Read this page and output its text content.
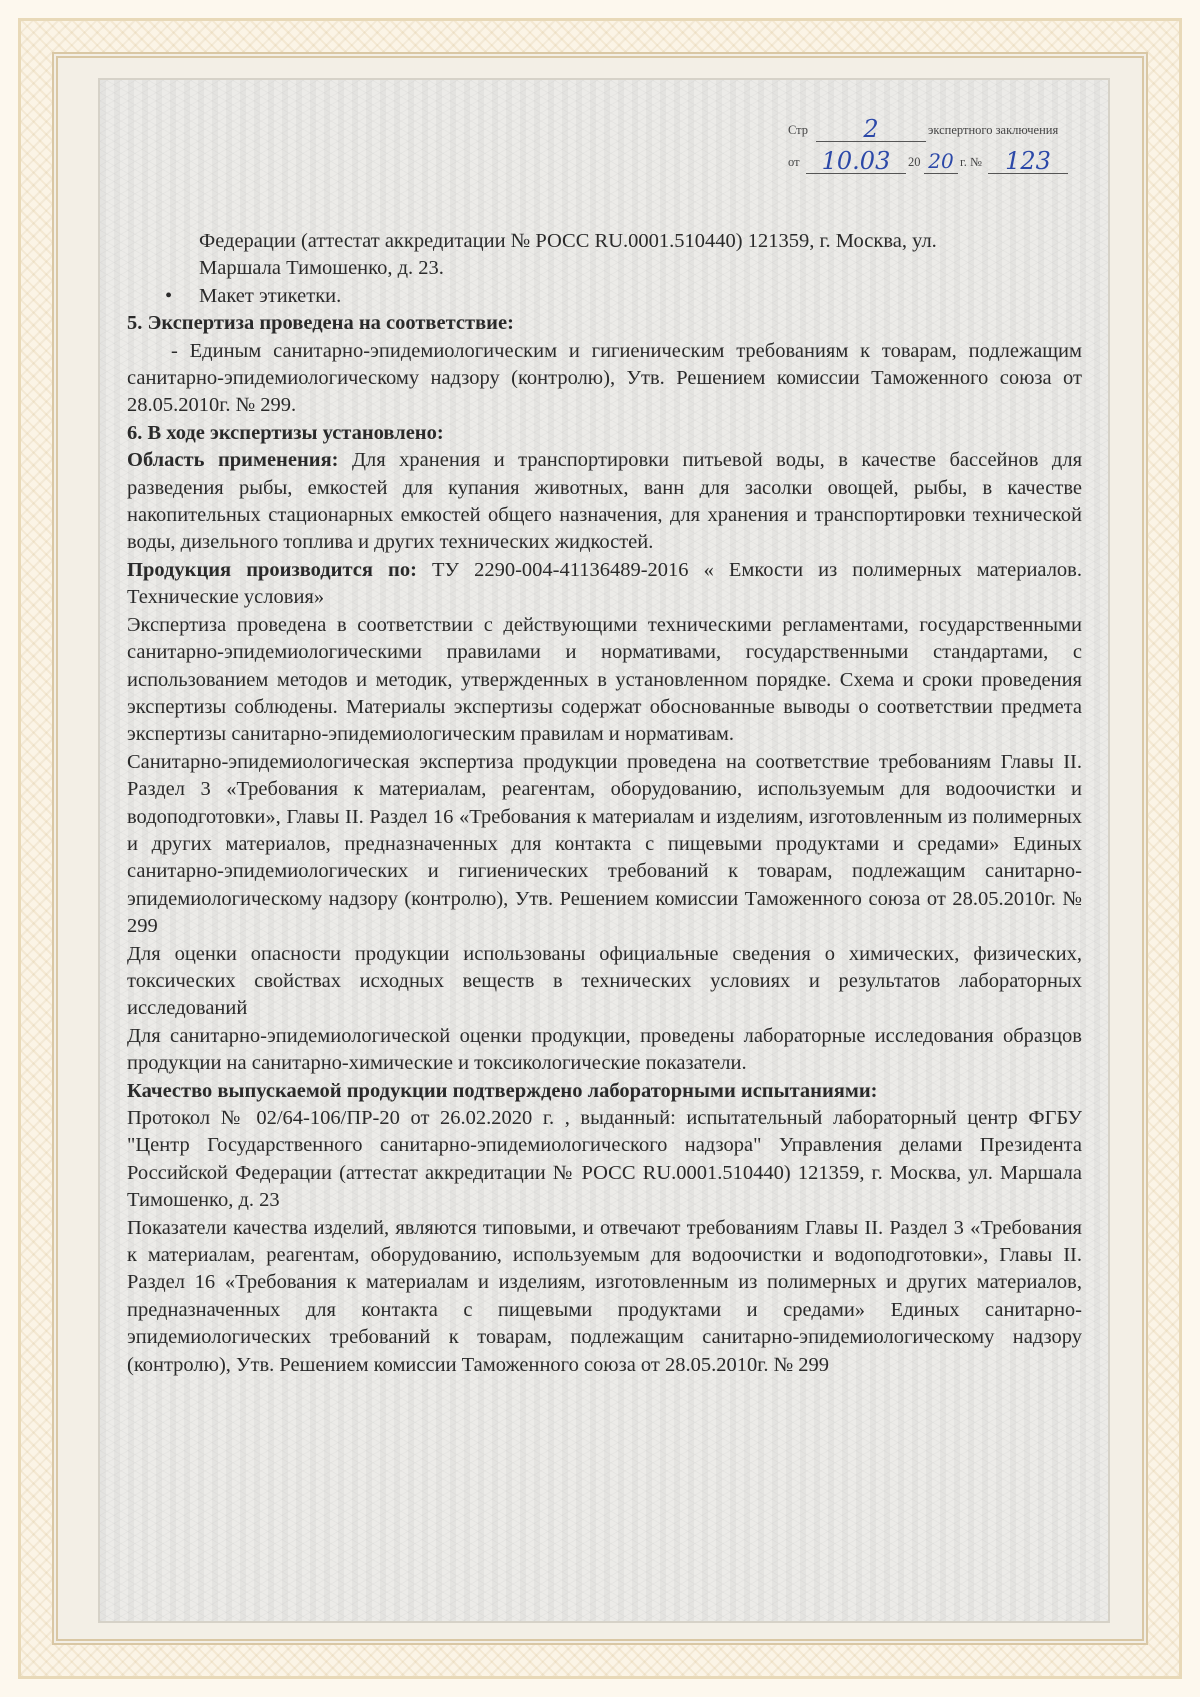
Стр	2	экспертного заключения
от 10.03	20 20 г. № 123
Федерации (аттестат аккредитации № РОСС RU.0001.510440) 121359, г. Москва, ул.
Маршала Тимошенко, д. 23.
• Макет этикетки.

5. Экспертиза проведена на соответствие:

- Единым санитарно-эпидемиологическим и гигиеническим требованиям к товарам, подлежащим санитарно-эпидемиологическому надзору (контролю), Утв. Решением комиссии Таможенного союза от 28.05.2010г. № 299.

6. В ходе экспертизы установлено:

Область применения: Для хранения и транспортировки питьевой воды, в качестве бассейнов для разведения рыбы, емкостей для купания животных, ванн для засолки овощей, рыбы, в качестве накопительных стационарных емкостей общего назначения, для хранения и транспортировки технической воды, дизельного топлива и других технических жидкостей.

Продукция производится по: ТУ 2290-004-41136489-2016 « Емкости из полимерных материалов. Технические условия»

Экспертиза проведена в соответствии с действующими техническими регламентами, государственными санитарно-эпидемиологическими правилами и нормативами, государственными стандартами, с использованием методов и методик, утвержденных в установленном порядке. Схема и сроки проведения экспертизы соблюдены. Материалы экспертизы содержат обоснованные выводы о соответствии предмета экспертизы санитарно-эпидемиологическим правилам и нормативам.

Санитарно-эпидемиологическая экспертиза продукции проведена на соответствие требованиям Главы II. Раздел 3 «Требования к материалам, реагентам, оборудованию, используемым для водоочистки и водоподготовки», Главы II. Раздел 16 «Требования к материалам и изделиям, изготовленным из полимерных и других материалов, предназначенных для контакта с пищевыми продуктами и средами» Единых санитарно-эпидемиологических и гигиенических требований к товарам, подлежащим санитарно-эпидемиологическому надзору (контролю), Утв. Решением комиссии Таможенного союза от 28.05.2010г. № 299

Для оценки опасности продукции использованы официальные сведения о химических, физических, токсических свойствах исходных веществ в технических условиях и результатов лабораторных исследований

Для санитарно-эпидемиологической оценки продукции, проведены лабораторные исследования образцов продукции на санитарно-химические и токсикологические показатели.

Качество выпускаемой продукции подтверждено лабораторными испытаниями:

Протокол № 02/64-106/ПР-20 от 26.02.2020 г. , выданный: испытательный лабораторный центр ФГБУ "Центр Государственного санитарно-эпидемиологического надзора" Управления делами Президента Российской Федерации (аттестат аккредитации № РОСС RU.0001.510440) 121359, г. Москва, ул. Маршала Тимошенко, д. 23

Показатели качества изделий, являются типовыми, и отвечают требованиям Главы II. Раздел 3 «Требования к материалам, реагентам, оборудованию, используемым для водоочистки и водоподготовки», Главы II. Раздел 16 «Требования к материалам и изделиям, изготовленным из полимерных и других материалов, предназначенных для контакта с пищевыми продуктами и средами» Единых санитарно-эпидемиологических требований к товарам, подлежащим санитарно-эпидемиологическому надзору (контролю), Утв. Решением комиссии Таможенного союза от 28.05.2010г. № 299
